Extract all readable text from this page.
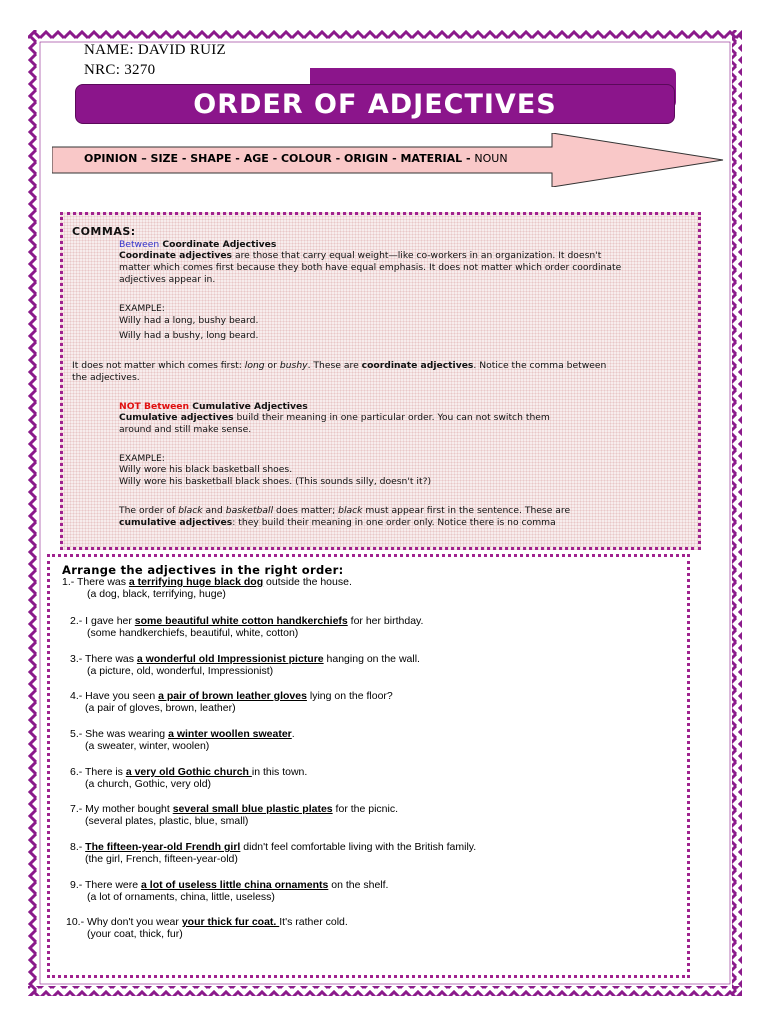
NAME: DAVID RUIZ
NRC: 3270
ORDER OF ADJECTIVES
OPINION – SIZE - SHAPE - AGE - COLOUR - ORIGIN - MATERIAL - NOUN
COMMAS:
Between Coordinate Adjectives
Coordinate adjectives are those that carry equal weight—like co-workers in an organization. It doesn't
matter which comes first because they both have equal emphasis. It does not matter which order coordinate
adjectives appear in.
EXAMPLE:
Willy had a long, bushy beard.
Willy had a bushy, long beard.
It does not matter which comes first: long or bushy. These are coordinate adjectives. Notice the comma between
the adjectives.
NOT Between Cumulative Adjectives
Cumulative adjectives build their meaning in one particular order. You can not switch them
around and still make sense.
EXAMPLE:
Willy wore his black basketball shoes.
Willy wore his basketball black shoes. (This sounds silly, doesn't it?)
The order of black and basketball does matter; black must appear first in the sentence. These are
cumulative adjectives: they build their meaning in one order only. Notice there is no comma
Arrange the adjectives in the right order:
1.- There was a terrifying huge black dog outside the house.
(a dog, black, terrifying, huge)
2.- I gave her some beautiful white cotton handkerchiefs for her birthday.
(some handkerchiefs, beautiful, white, cotton)
3.- There was a wonderful old Impressionist picture hanging on the wall.
(a picture, old, wonderful, Impressionist)
4.- Have you seen a pair of brown leather gloves lying on the floor?
(a pair of gloves, brown, leather)
5.- She was wearing a winter woollen sweater.
(a sweater, winter, woolen)
6.- There is a very old Gothic church in this town.
(a church, Gothic, very old)
7.- My mother bought several small blue plastic plates for the picnic.
(several plates, plastic, blue, small)
8.- The fifteen-year-old Frendh girl didn't feel comfortable living with the British family.
(the girl, French, fifteen-year-old)
9.- There were a lot of useless little china ornaments on the shelf.
(a lot of ornaments, china, little, useless)
10.- Why don't you wear your thick fur coat. It's rather cold.
(your coat, thick, fur)
